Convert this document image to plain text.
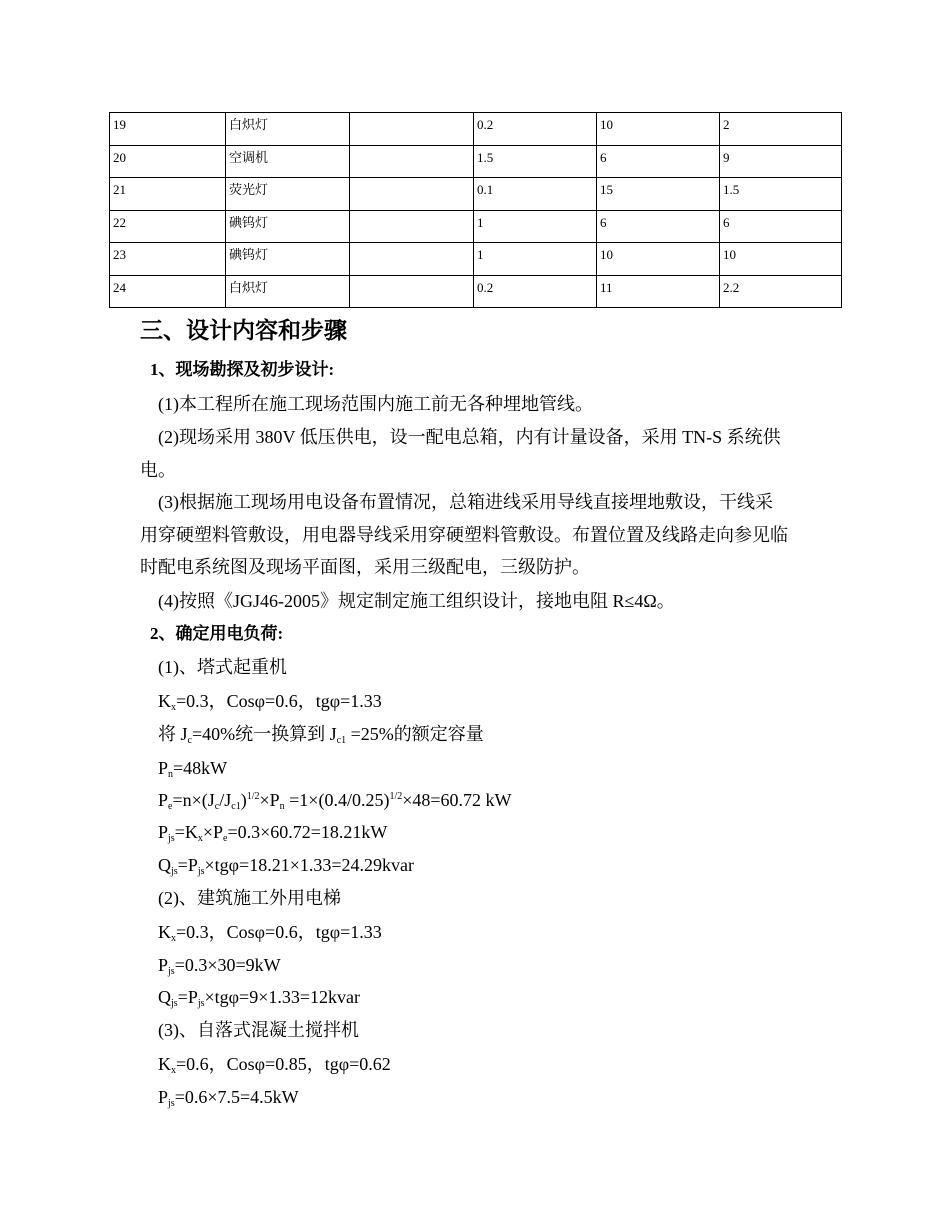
19	白炽灯		0.2	10	2
20	空调机		1.5	6	9
21	荧光灯		0.1	15	1.5
22	碘钨灯		1	6	6
23	碘钨灯		1	10	10
24	白炽灯		0.2	11	2.2
三、设计内容和步骤
1、现场勘探及初步设计:
(1)本工程所在施工现场范围内施工前无各种埋地管线。
(2)现场采用 380V 低压供电，设一配电总箱，内有计量设备，采用 TN-S 系统供
电。
(3)根据施工现场用电设备布置情况，总箱进线采用导线直接埋地敷设，干线采
用穿硬塑料管敷设，用电器导线采用穿硬塑料管敷设。布置位置及线路走向参见临
时配电系统图及现场平面图，采用三级配电，三级防护。
(4)按照《JGJ46-2005》规定制定施工组织设计，接地电阻 R≤4Ω。
2、确定用电负荷:
(1)、塔式起重机
$K_x=0.3$，Cosφ=0.6，tgφ=1.33
将 $J_c=40\%$统一换算到 $J_{c1} =25\%$的额定容量
$P_n=48kW$
$P_e=n\times(J_c/J_{c1})^{1/2}\times P_n =1\times(0.4/0.25)^{1/2}\times 48=60.72$ kW
$P_{js}=K_x\times P_e=0.3\times 60.72=18.21kW$
$Q_{js}=P_{js}\times tg\varphi=18.21\times 1.33=24.29kvar$
(2)、建筑施工外用电梯
$K_x=0.3$，Cosφ=0.6，tgφ=1.33
$P_{js}=0.3\times 30=9kW$
$Q_{js}=P_{js}\times tg\varphi=9\times 1.33=12kvar$
(3)、自落式混凝土搅拌机
$K_x=0.6$，Cosφ=0.85，tgφ=0.62
$P_{js}=0.6\times 7.5=4.5kW$
